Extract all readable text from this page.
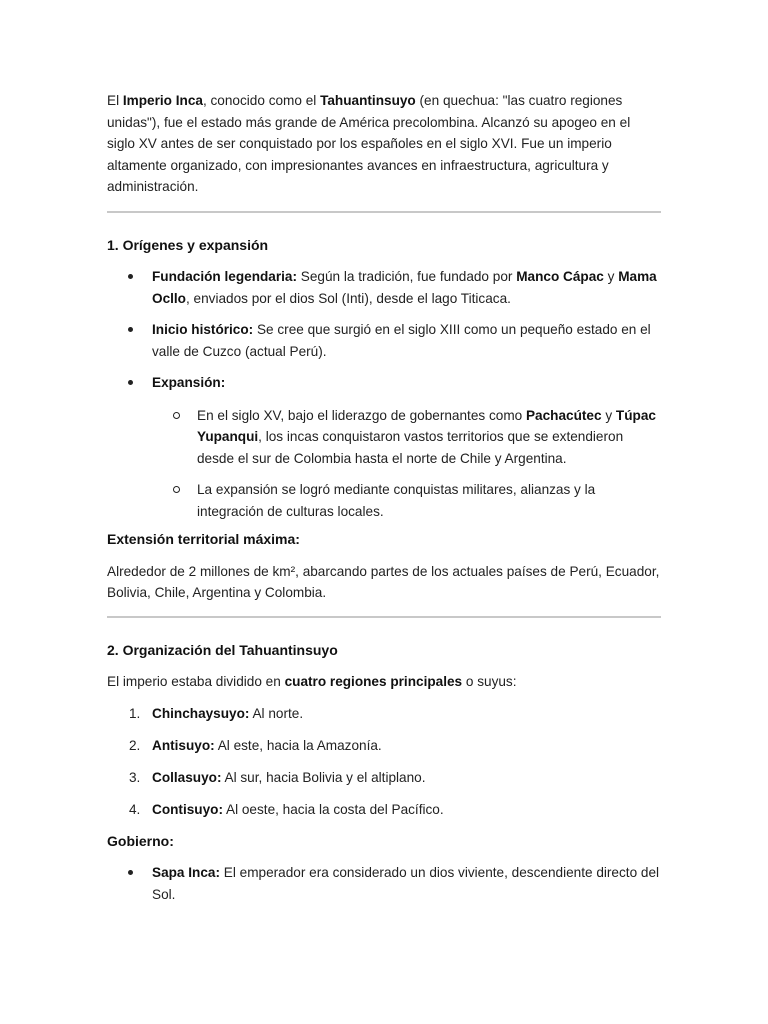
El Imperio Inca, conocido como el Tahuantinsuyo (en quechua: "las cuatro regiones unidas"), fue el estado más grande de América precolombina. Alcanzó su apogeo en el siglo XV antes de ser conquistado por los españoles en el siglo XVI. Fue un imperio altamente organizado, con impresionantes avances en infraestructura, agricultura y administración.

1. Orígenes y expansión
Fundación legendaria: Según la tradición, fue fundado por Manco Cápac y Mama Ocllo, enviados por el dios Sol (Inti), desde el lago Titicaca.
Inicio histórico: Se cree que surgió en el siglo XIII como un pequeño estado en el valle de Cuzco (actual Perú).
Expansión:
En el siglo XV, bajo el liderazgo de gobernantes como Pachacútec y Túpac Yupanqui, los incas conquistaron vastos territorios que se extendieron desde el sur de Colombia hasta el norte de Chile y Argentina.
La expansión se logró mediante conquistas militares, alianzas y la integración de culturas locales.
Extensión territorial máxima:

Alrededor de 2 millones de km², abarcando partes de los actuales países de Perú, Ecuador, Bolivia, Chile, Argentina y Colombia.

2. Organización del Tahuantinsuyo

El imperio estaba dividido en cuatro regiones principales o suyus:

1. Chinchaysuyo: Al norte.
2. Antisuyo: Al este, hacia la Amazonía.
3. Collasuyo: Al sur, hacia Bolivia y el altiplano.
4. Contisuyo: Al oeste, hacia la costa del Pacífico.
Gobierno:
Sapa Inca: El emperador era considerado un dios viviente, descendiente directo del Sol.
